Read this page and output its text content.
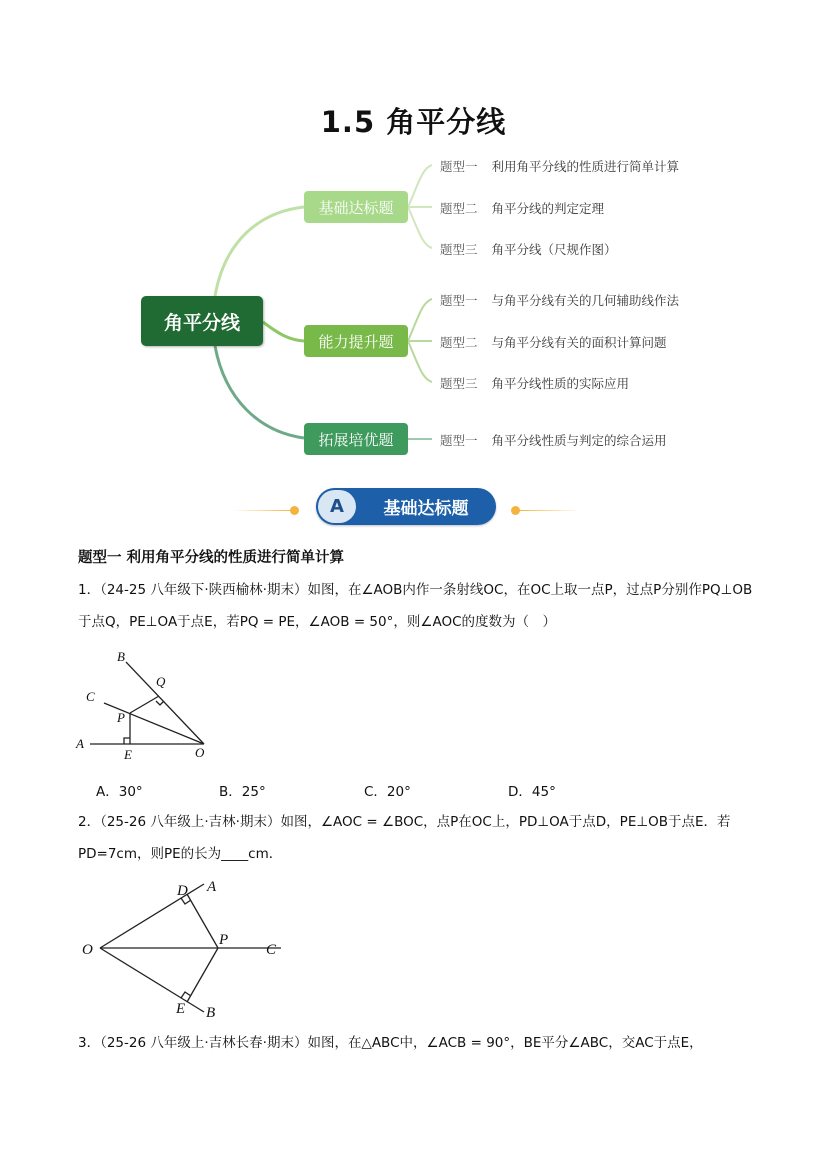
1.5 角平分线
角平分线
基础达标题
能力提升题
拓展培优题
题型一 利用角平分线的性质进行简单计算
题型二 角平分线的判定定理
题型三 角平分线（尺规作图）
题型一 与角平分线有关的几何辅助线作法
题型二 与角平分线有关的面积计算问题
题型三 角平分线性质的实际应用
题型一 角平分线性质与判定的综合运用
A	基础达标题
题型一 利用角平分线的性质进行简单计算
1．（24-25 八年级下·陕西榆林·期末）如图，在∠AOB内作一条射线OC，在OC上取一点P，过点P分别作PQ⊥OB于点Q，PE⊥OA于点E，若PQ = PE，∠AOB = 50°，则∠AOC的度数为（　）
B
Q
C
P
A
E	O
A．30°	B．25°	C．20°	D．45°
2．（25-26 八年级上·吉林·期末）如图，∠AOC = ∠BOC，点P在OC上，PD⊥OA于点D，PE⊥OB于点E．若PD=7cm，则PE的长为____cm．
D A
O
P
C
E B
3．（25-26 八年级上·吉林长春·期末）如图，在△ABC中，∠ACB = 90°，BE平分∠ABC，交AC于点E，
